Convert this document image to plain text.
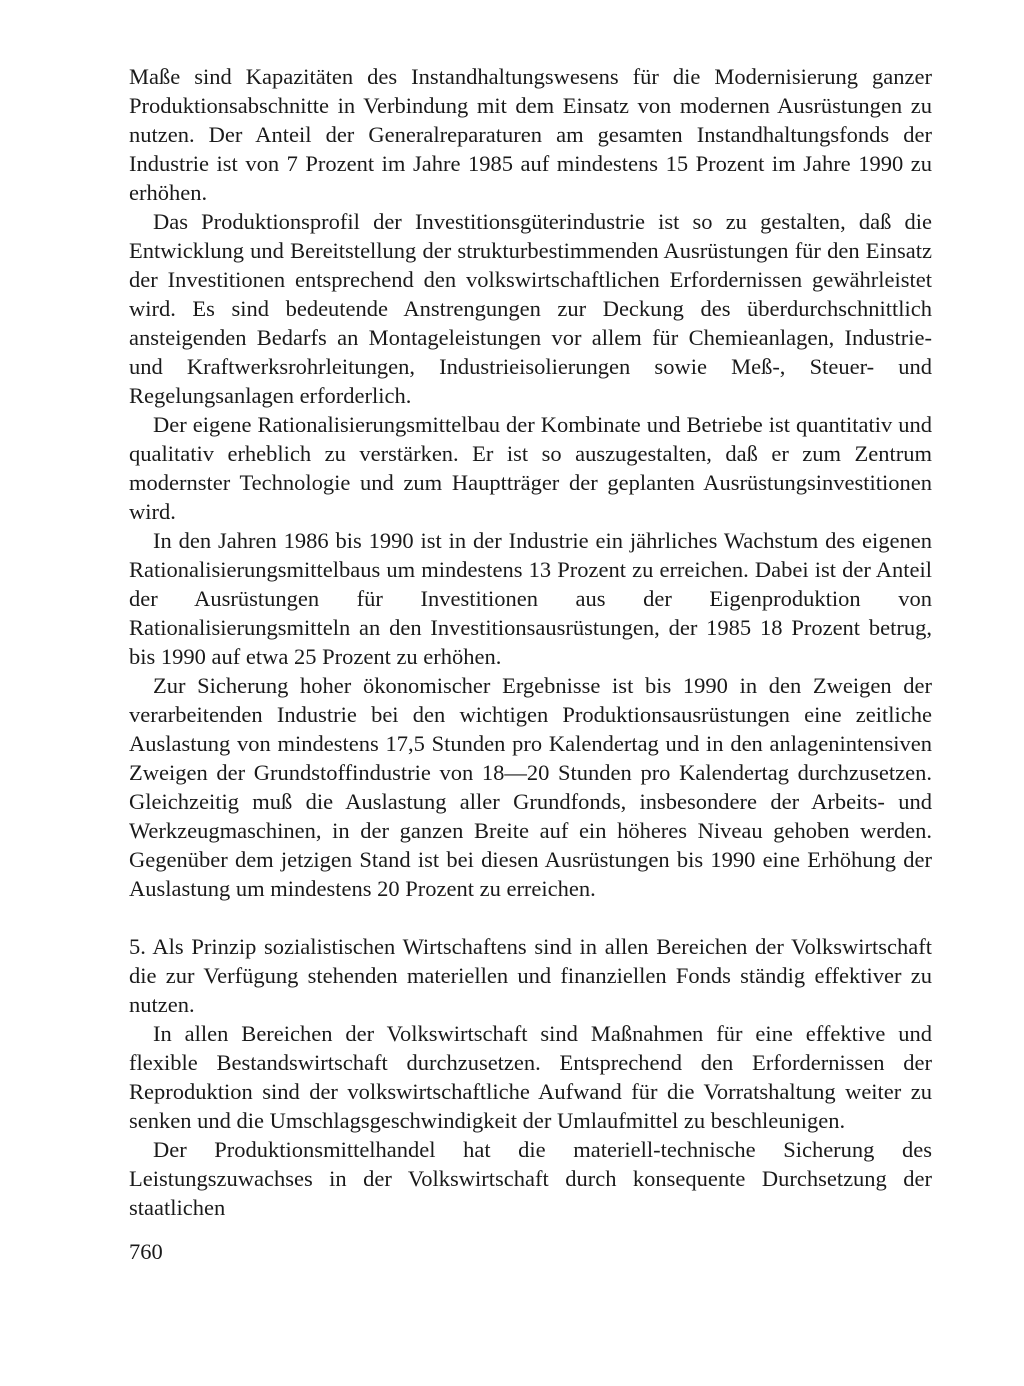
Maße sind Kapazitäten des Instandhaltungswesens für die Modernisierung ganzer Produktionsabschnitte in Verbindung mit dem Einsatz von modernen Ausrüstungen zu nutzen. Der Anteil der Generalreparaturen am gesamten Instandhaltungsfonds der Industrie ist von 7 Prozent im Jahre 1985 auf mindestens 15 Prozent im Jahre 1990 zu erhöhen.

Das Produktionsprofil der Investitionsgüterindustrie ist so zu gestalten, daß die Entwicklung und Bereitstellung der strukturbestimmenden Ausrüstungen für den Einsatz der Investitionen entsprechend den volkswirtschaftlichen Erfordernissen gewährleistet wird. Es sind bedeutende Anstrengungen zur Deckung des überdurchschnittlich ansteigenden Bedarfs an Montageleistungen vor allem für Chemieanlagen, Industrie- und Kraftwerksrohrleitungen, Industrieisolierungen sowie Meß-, Steuer- und Regelungsanlagen erforderlich.

Der eigene Rationalisierungsmittelbau der Kombinate und Betriebe ist quantitativ und qualitativ erheblich zu verstärken. Er ist so auszugestalten, daß er zum Zentrum modernster Technologie und zum Hauptträger der geplanten Ausrüstungsinvestitionen wird.

In den Jahren 1986 bis 1990 ist in der Industrie ein jährliches Wachstum des eigenen Rationalisierungsmittelbaus um mindestens 13 Prozent zu erreichen. Dabei ist der Anteil der Ausrüstungen für Investitionen aus der Eigenproduktion von Rationalisierungsmitteln an den Investitionsausrüstungen, der 1985 18 Prozent betrug, bis 1990 auf etwa 25 Prozent zu erhöhen.

Zur Sicherung hoher ökonomischer Ergebnisse ist bis 1990 in den Zweigen der verarbeitenden Industrie bei den wichtigen Produktionsausrüstungen eine zeitliche Auslastung von mindestens 17,5 Stunden pro Kalendertag und in den anlagenintensiven Zweigen der Grundstoffindustrie von 18—20 Stunden pro Kalendertag durchzusetzen. Gleichzeitig muß die Auslastung aller Grundfonds, insbesondere der Arbeits- und Werkzeugmaschinen, in der ganzen Breite auf ein höheres Niveau gehoben werden. Gegenüber dem jetzigen Stand ist bei diesen Ausrüstungen bis 1990 eine Erhöhung der Auslastung um mindestens 20 Prozent zu erreichen.

5. Als Prinzip sozialistischen Wirtschaftens sind in allen Bereichen der Volkswirtschaft die zur Verfügung stehenden materiellen und finanziellen Fonds ständig effektiver zu nutzen.

In allen Bereichen der Volkswirtschaft sind Maßnahmen für eine effektive und flexible Bestandswirtschaft durchzusetzen. Entsprechend den Erfordernissen der Reproduktion sind der volkswirtschaftliche Aufwand für die Vorratshaltung weiter zu senken und die Umschlagsgeschwindigkeit der Umlaufmittel zu beschleunigen.

Der Produktionsmittelhandel hat die materiell-technische Sicherung des Leistungszuwachses in der Volkswirtschaft durch konsequente Durchsetzung der staatlichen

760
